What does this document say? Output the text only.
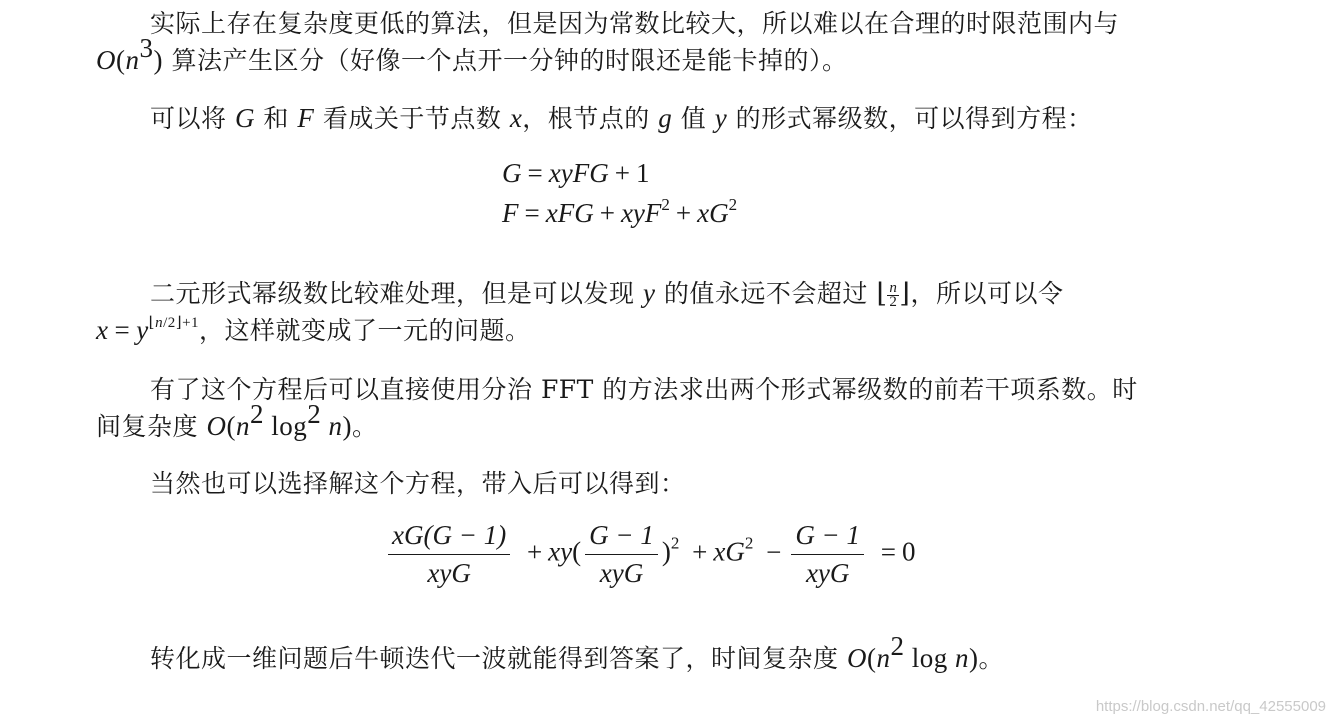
实际上存在复杂度更低的算法，但是因为常数比较大，所以难以在合理的时限范围内与
$O(n^3)$ 算法产生区分（好像一个点开一分钟的时限还是能卡掉的）。
可以将 G 和 F 看成关于节点数 x，根节点的 g 值 y 的形式幂级数，可以得到方程：
G = xyFG + 1
F = xFG + $xyF^2 + xG^2$
二元形式幂级数比较难处理，但是可以发现 y 的值永远不会超过 ⌊ $\frac{n}{2}$ ⌋，所以可以令
$x = y^{⌊n/2⌋+1}$，这样就变成了一元的问题。
有了这个方程后可以直接使用分治 FFT 的方法求出两个形式幂级数的前若干项系数。时
间复杂度 $O(n^2$ $\log^2 n$)。
当然也可以选择解这个方程，带入后可以得到：
$\frac{xG(G - 1)}{\text{xyG}} + xy( \frac{G - 1}{\text{xyG}} )^2 + xG^2 - \frac{G - 1}{\text{xyG}} = 0$
转化成一维问题后牛顿迭代一波就能得到答案了，时间复杂度 $O(n^2$ log n)。
https://blog.csdn.net/qq_42555009
